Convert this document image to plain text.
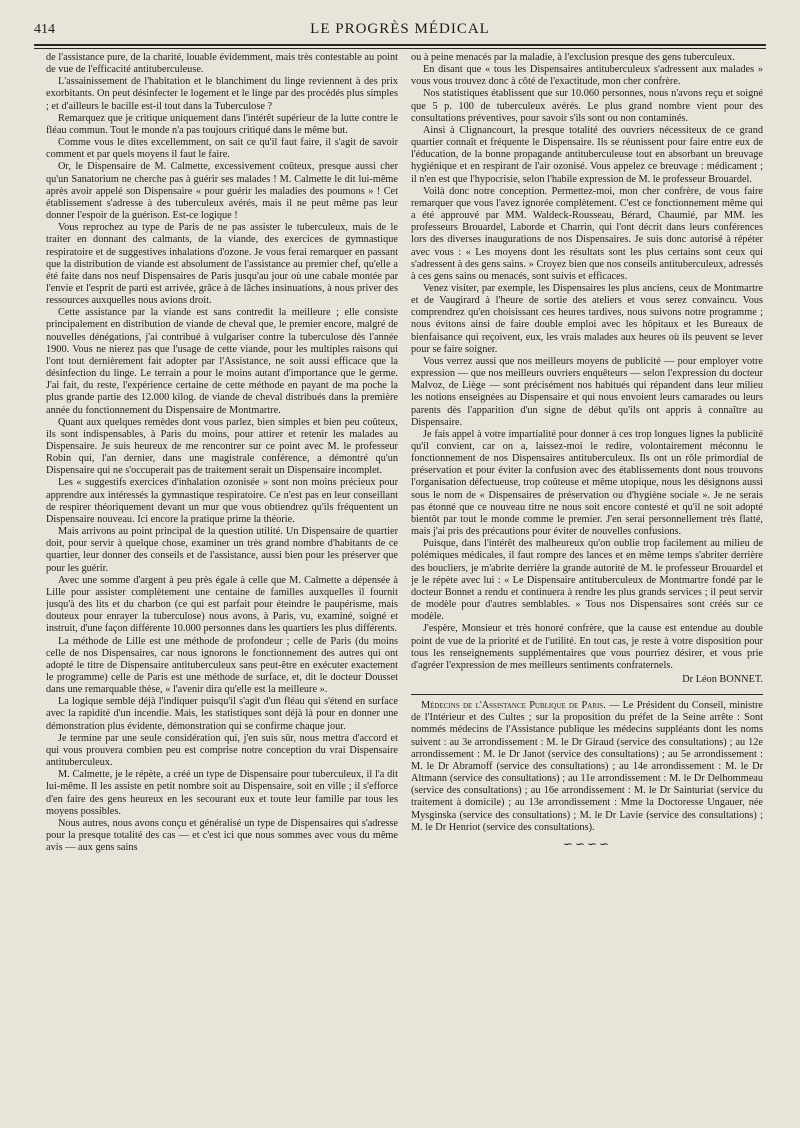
414	LE PROGRÈS MÉDICAL

de l'assistance pure, de la charité, louable évidemment, mais très contestable au point de vue de l'efficacité antituberculeuse.

L'assainissement de l'habitation et le blanchiment du linge reviennent à des prix exorbitants. On peut désinfecter le logement et le linge par des procédés plus simples ; et d'ailleurs le bacille est-il tout dans la Tuberculose ?

Remarquez que je critique uniquement dans l'intérêt supérieur de la lutte contre le fléau commun. Tout le monde n'a pas toujours critiqué dans le même but.

Comme vous le dites excellemment, on sait ce qu'il faut faire, il s'agit de savoir comment et par quels moyens il faut le faire.

Or, le Dispensaire de M. Calmette, excessivement coûteux, presque aussi cher qu'un Sanatorium ne cherche pas à guérir ses malades ! M. Calmette le dit lui-même après avoir appelé son Dispensaire « pour guérir les maladies des poumons » ! Cet établissement s'adresse à des tuberculeux avérés, mais il ne peut même pas leur donner l'espoir de la guérison. Est-ce logique !

Vous reprochez au type de Paris de ne pas assister le tuberculeux, mais de le traiter en donnant des calmants, de la viande, des exercices de gymnastique respiratoire et de suggestives inhalations d'ozone. Je vous ferai remarquer en passant que la distribution de viande est absolument de l'assistance au premier chef, qu'elle a été faite dans nos neuf Dispensaires de Paris jusqu'au jour où une cabale montée par l'envie et l'esprit de parti est arrivée, grâce à de lâches insinuations, à nous priver des ressources auxquelles nous avions droit.

Cette assistance par la viande est sans contredit la meilleure ; elle consiste principalement en distribution de viande de cheval que, le premier encore, malgré de nouvelles dénégations, j'ai contribué à vulgariser contre la tuberculose dès l'année 1900. Vous ne nierez pas que l'usage de cette viande, pour les multiples raisons qui l'ont tout dernièrement fait adopter par l'Assistance, ne soit aussi efficace que la désinfection du linge. Le terrain a pour le moins autant d'importance que le germe. J'ai fait, du reste, l'expérience certaine de cette méthode en payant de ma poche la plus grande partie des 12.000 kilog. de viande de cheval distribués dans la première année du fonctionnement du Dispensaire de Montmartre.

Quant aux quelques remèdes dont vous parlez, bien simples et bien peu coûteux, ils sont indispensables, à Paris du moins, pour attirer et retenir les malades au Dispensaire. Je suis heureux de me rencontrer sur ce point avec M. le professeur Robin qui, l'an dernier, dans une magistrale conférence, a démontré qu'un Dispensaire qui ne s'occuperait pas de traitement serait un Dispensaire incomplet.

Les « suggestifs exercices d'inhalation ozonisée » sont non moins précieux pour apprendre aux intéressés la gymnastique respiratoire. Ce n'est pas en leur conseillant de respirer théoriquement devant un mur que vous obtiendrez qu'ils fréquentent un Dispensaire nouveau. Ici encore la pratique prime la théorie.

Mais arrivons au point principal de la question utilité. Un Dispensaire de quartier doit, pour servir à quelque chose, examiner un très grand nombre d'habitants de ce quartier, leur donner des conseils et de l'assistance, aussi bien pour les préserver que pour les guérir.

Avec une somme d'argent à peu près égale à celle que M. Calmette a dépensée à Lille pour assister complètement une centaine de familles auxquelles il fournit jusqu'à des lits et du charbon (ce qui est parfait pour éteindre le paupérisme, mais douteux pour enrayer la tuberculose) nous avons, à Paris, vu, examiné, soigné et instruit, d'une façon différente 10.000 personnes dans les quartiers les plus différents.

La méthode de Lille est une méthode de profondeur ; celle de Paris (du moins celle de nos Dispensaires, car nous ignorons le fonctionnement des autres qui ont adopté le titre de Dispensaire antituberculeux sans peut-être en exécuter exactement le programme) celle de Paris est une méthode de surface, et, dit le docteur Dousset dans une remarquable thèse, « l'avenir dira qu'elle est la meilleure ».

La logique semble déjà l'indiquer puisqu'il s'agit d'un fléau qui s'étend en surface avec la rapidité d'un incendie. Mais, les statistiques sont déjà là pour en donner une démonstration plus évidente, démonstration qui se confirme chaque jour.

Je termine par une seule considération qui, j'en suis sûr, nous mettra d'accord et qui vous prouvera combien peu est comprise notre conception du vrai Dispensaire antituberculeux.

M. Calmette, je le répète, a créé un type de Dispensaire pour tuberculeux, il l'a dit lui-même. Il les assiste en petit nombre soit au Dispensaire, soit en ville ; il s'efforce d'en faire des gens heureux en les secourant eux et toute leur famille par tous les moyens possibles.

Nous autres, nous avons conçu et généralisé un type de Dispensaires qui s'adresse pour la presque totalité des cas — et c'est ici que nous sommes avec vous du même avis — aux gens sains

ou à peine menacés par la maladie, à l'exclusion presque des gens tuberculeux.

En disant que « tous les Dispensaires antituberculeux s'adressent aux malades » vous vous trouvez donc à côté de l'exactitude, mon cher confrère.

Nos statistiques établissent que sur 10.060 personnes, nous n'avons reçu et soigné que 5 p. 100 de tuberculeux avérés. Le plus grand nombre vient pour des consultations préventives, pour savoir s'ils sont ou non contaminés.

Ainsi à Clignancourt, la presque totalité des ouvriers nécessiteux de ce grand quartier connaît et fréquente le Dispensaire. Ils se réunissent pour faire entre eux de l'éducation, de la bonne propagande antituberculeuse tout en absorbant un breuvage hygiénique et en respirant de l'air ozonisé. Vous appelez ce breuvage : médicament ; il n'en est que l'hypocrisie, selon l'habile expression de M. le professeur Brouardel.

Voilà donc notre conception. Permettez-moi, mon cher confrère, de vous faire remarquer que vous l'avez ignorée complètement. C'est ce fonctionnement même qui a été approuvé par MM. Waldeck-Rousseau, Bérard, Chaumié, par MM. les professeurs Brouardel, Laborde et Charrin, qui l'ont décrit dans leurs conférences lors des diverses inaugurations de nos Dispensaires. Je suis donc autorisé à répéter avec vous : « Les moyens dont les résultats sont les plus certains sont ceux qui s'adressent à des gens sains. » Croyez bien que nos conseils antituberculeux, adressés à ces gens sains ou menacés, sont suivis et efficaces.

Venez visiter, par exemple, les Dispensaires les plus anciens, ceux de Montmartre et de Vaugirard à l'heure de sortie des ateliers et vous serez convaincu. Vous comprendrez qu'en choisissant ces heures tardives, nous suivons notre programme ; nous évitons ainsi de faire double emploi avec les hôpitaux et les Bureaux de bienfaisance qui reçoivent, eux, les vrais malades aux heures où ils peuvent se lever pour se faire soigner.

Vous verrez aussi que nos meilleurs moyens de publicité — pour employer votre expression — que nos meilleurs ouvriers enquêteurs — selon l'expression du docteur Malvoz, de Liège — sont précisément nos habitués qui répandent dans leur milieu les notions enseignées au Dispensaire et qui nous envoient leurs camarades ou leurs parents dès l'apparition d'un signe de début qu'ils ont appris à connaître au Dispensaire.

Je fais appel à votre impartialité pour donner à ces trop longues lignes la publicité qu'il convient, car on a, laissez-moi le redire, volontairement méconnu le fonctionnement de nos Dispensaires antituberculeux. Ils ont un rôle primordial de préservation et pour éviter la confusion avec des établissements dont nous trouvons l'organisation défectueuse, trop coûteuse et même utopique, nous les désignons aussi sous le nom de « Dispensaires de préservation ou d'hygiène sociale ». Je ne serais pas étonné que ce nouveau titre ne nous soit encore contesté et qu'il ne soit adopté bientôt par tout le monde comme le premier. J'en serai personnellement très flatté, mais j'ai pris des précautions pour éviter de nouvelles confusions.

Puisque, dans l'intérêt des malheureux qu'on oublie trop facilement au milieu de polémiques médicales, il faut rompre des lances et en même temps s'abriter derrière des boucliers, je m'abrite derrière la grande autorité de M. le professeur Brouardel et je le répète avec lui : « Le Dispensaire antituberculeux de Montmartre fondé par le docteur Bonnet a rendu et continuera à rendre les plus grands services ; il peut servir de modèle pour d'autres semblables. » Tous nos Dispensaires sont créés sur ce modèle.

J'espère, Monsieur et très honoré confrère, que la cause est entendue au double point de vue de la priorité et de l'utilité. En tout cas, je reste à votre disposition pour tous les renseignements supplémentaires que vous pourriez désirer, et vous prie d'agréer l'expression de mes meilleurs sentiments confraternels.

Dr Léon BONNET.

Médecins de l'Assistance Publique de Paris. — Le Président du Conseil, ministre de l'Intérieur et des Cultes ; sur la proposition du préfet de la Seine arrête : Sont nommés médecins de l'Assistance publique les médecins suppléants dont les noms suivent : au 3e arrondissement : M. le Dr Giraud (service des consultations) ; au 12e arrondissement : M. le Dr Janot (service des consultations) ; au 5e arrondissement : M. le Dr Abramoff (service des consultations) ; au 14e arrondissement : M. le Dr Altmann (service des consultations) ; au 11e arrondissement : M. le Dr Delhommeau (service des consultations) ; au 16e arrondissement : M. le Dr Sainturiat (service du traitement à domicile) ; au 13e arrondissement : Mme la Doctoresse Ungauer, née Mysginska (service des consultations) ; M. le Dr Lavie (service des consultations) ; M. le Dr Henriot (service des consultations).

∽∽∽∽
